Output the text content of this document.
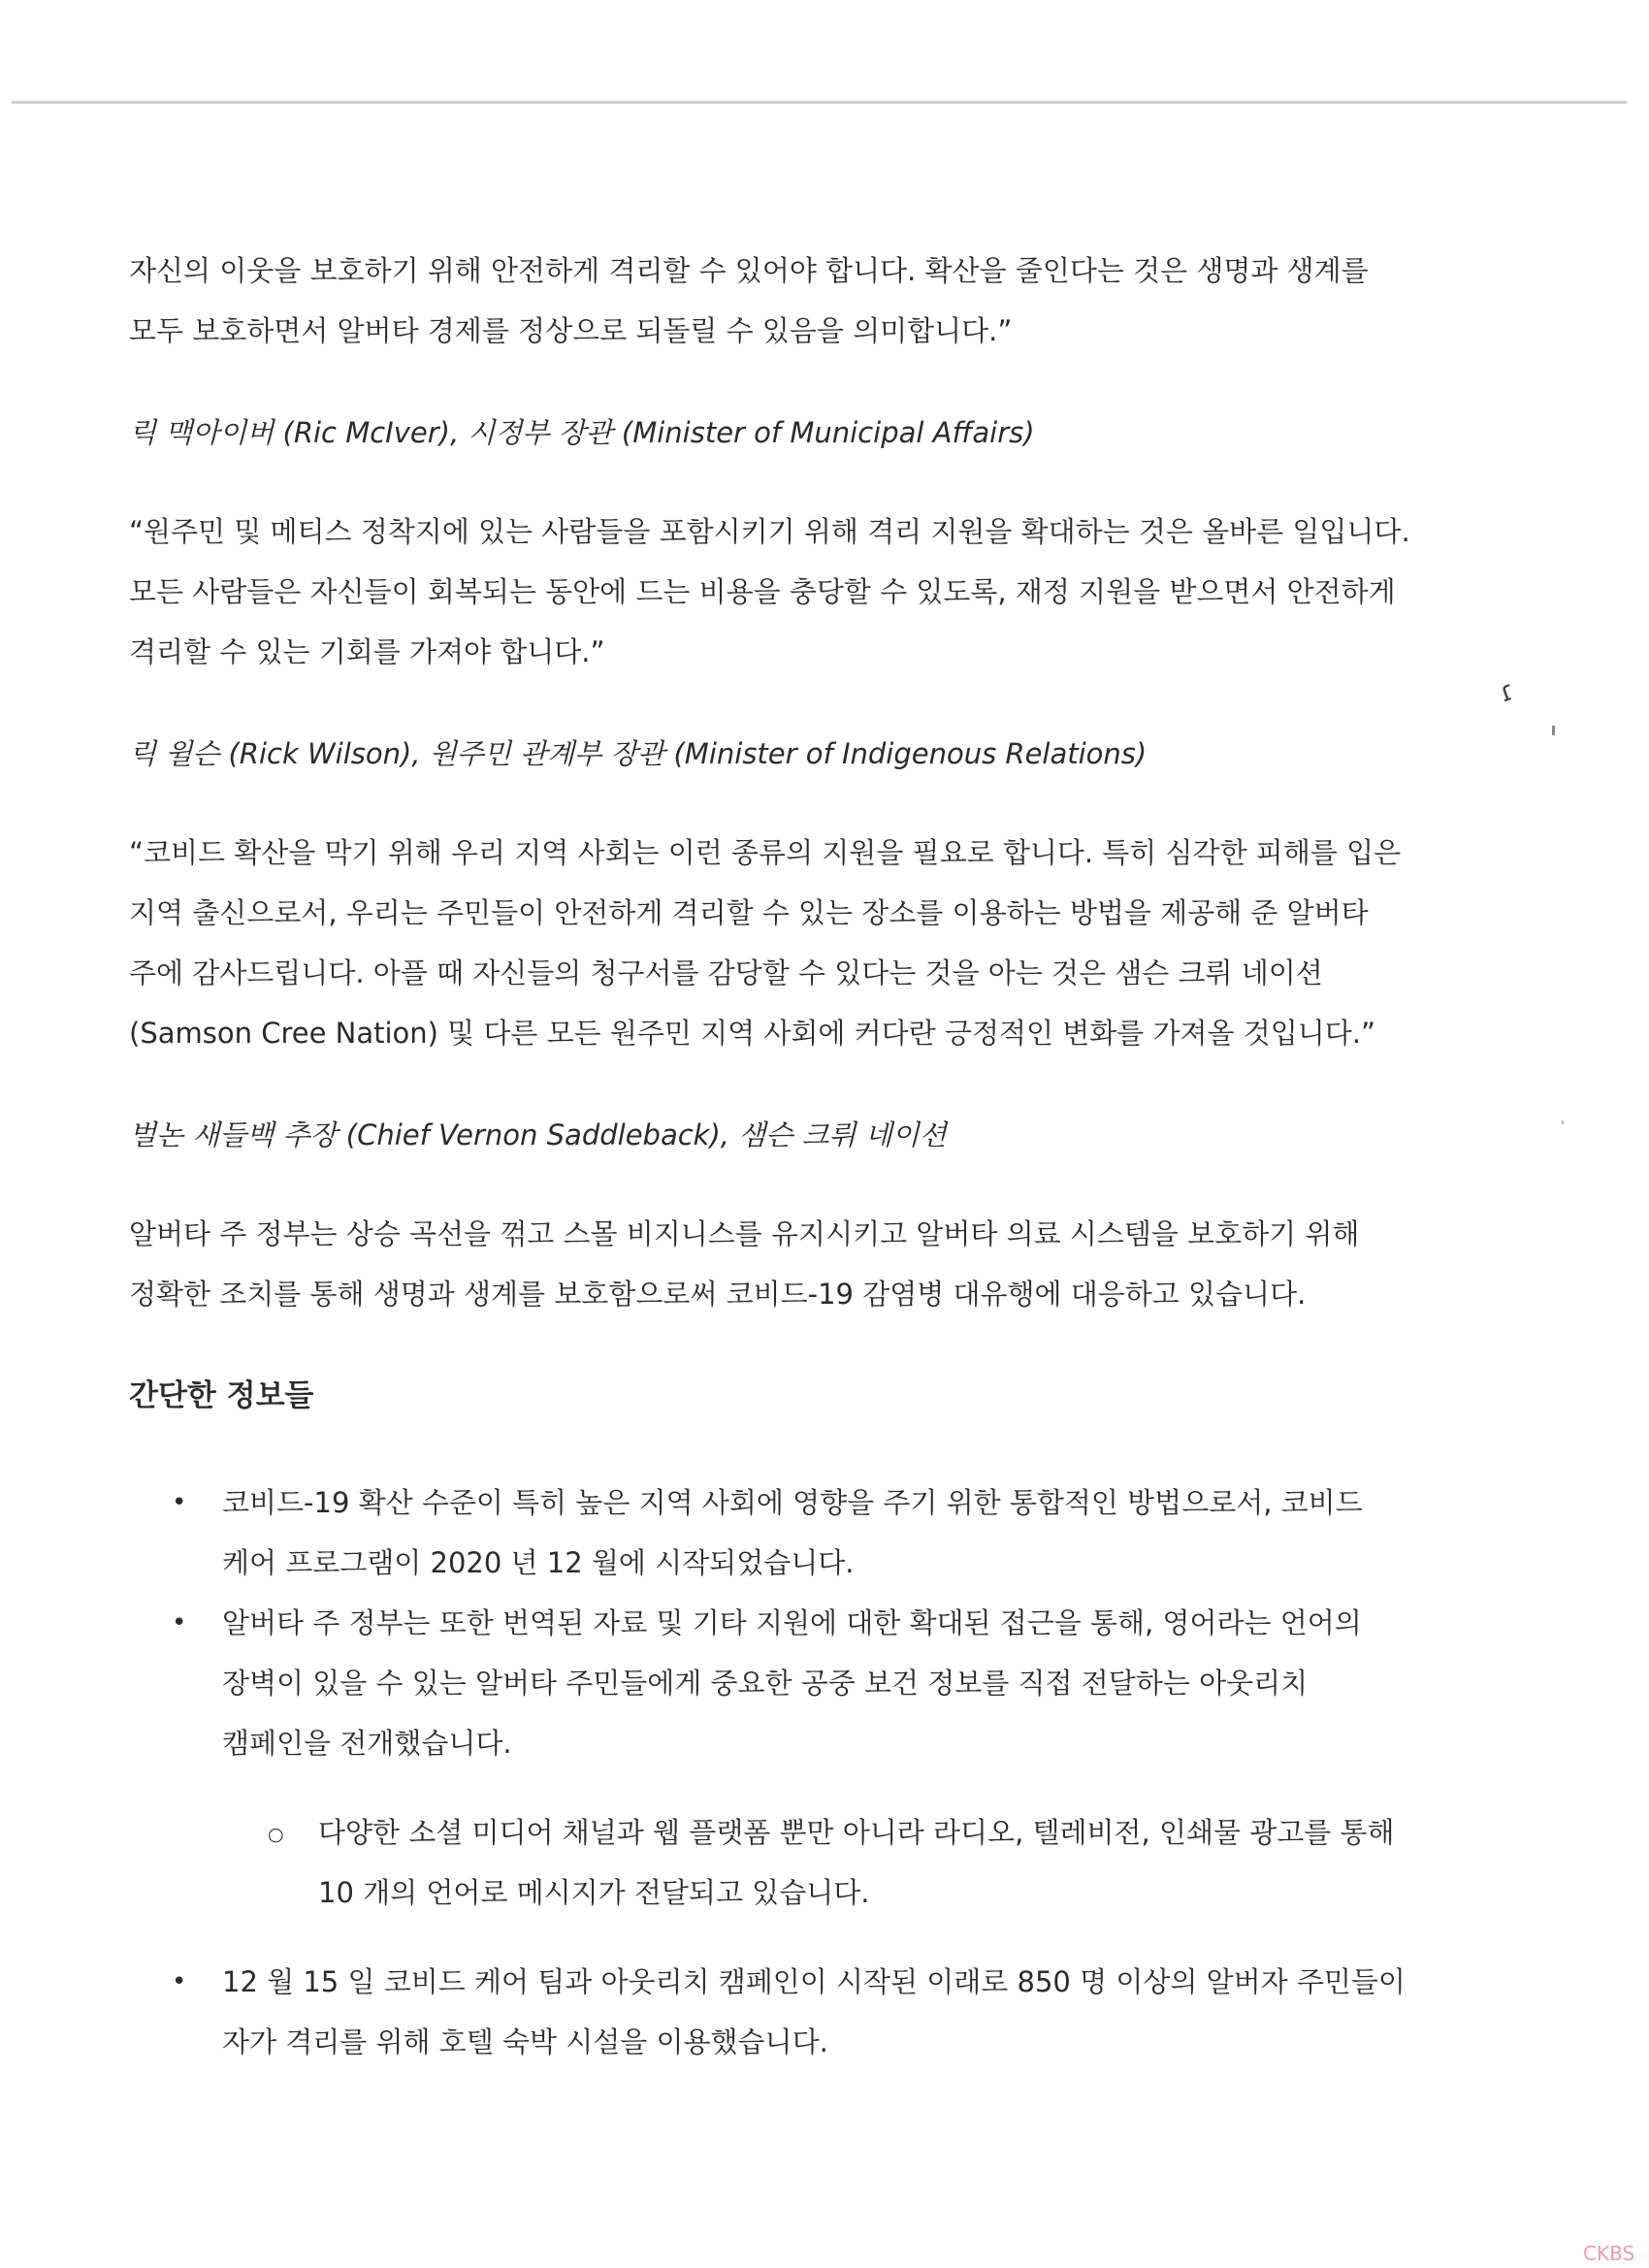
자신의 이웃을 보호하기 위해 안전하게 격리할 수 있어야 합니다. 확산을 줄인다는 것은 생명과 생계를

모두 보호하면서 알버타 경제를 정상으로 되돌릴 수 있음을 의미합니다.”

릭 맥아이버 (Ric McIver), 시정부 장관 (Minister of Municipal Affairs)

“원주민 및 메티스 정착지에 있는 사람들을 포함시키기 위해 격리 지원을 확대하는 것은 올바른 일입니다.

모든 사람들은 자신들이 회복되는 동안에 드는 비용을 충당할 수 있도록, 재정 지원을 받으면서 안전하게

격리할 수 있는 기회를 가져야 합니다.”

릭 윌슨 (Rick Wilson), 원주민 관계부 장관 (Minister of Indigenous Relations)

“코비드 확산을 막기 위해 우리 지역 사회는 이런 종류의 지원을 필요로 합니다. 특히 심각한 피해를 입은

지역 출신으로서, 우리는 주민들이 안전하게 격리할 수 있는 장소를 이용하는 방법을 제공해 준 알버타

주에 감사드립니다. 아플 때 자신들의 청구서를 감당할 수 있다는 것을 아는 것은 샘슨 크뤼 네이션

(Samson Cree Nation) 및 다른 모든 원주민 지역 사회에 커다란 긍정적인 변화를 가져올 것입니다.”

벌논 새들백 추장 (Chief Vernon Saddleback), 샘슨 크뤼 네이션

알버타 주 정부는 상승 곡선을 꺾고 스몰 비지니스를 유지시키고 알버타 의료 시스템을 보호하기 위해

정확한 조치를 통해 생명과 생계를 보호함으로써 코비드-19 감염병 대유행에 대응하고 있습니다.

간단한 정보들

• 코비드-19 확산 수준이 특히 높은 지역 사회에 영향을 주기 위한 통합적인 방법으로서, 코비드

케어 프로그램이 2020 년 12 월에 시작되었습니다.

• 알버타 주 정부는 또한 번역된 자료 및 기타 지원에 대한 확대된 접근을 통해, 영어라는 언어의

장벽이 있을 수 있는 알버타 주민들에게 중요한 공중 보건 정보를 직접 전달하는 아웃리치

캠페인을 전개했습니다.

○ 다양한 소셜 미디어 채널과 웹 플랫폼 뿐만 아니라 라디오, 텔레비전, 인쇄물 광고를 통해

10 개의 언어로 메시지가 전달되고 있습니다.

• 12 월 15 일 코비드 케어 팀과 아웃리치 캠페인이 시작된 이래로 850 명 이상의 알버자 주민들이

자가 격리를 위해 호텔 숙박 시설을 이용했습니다.

ɾ
CKBS
